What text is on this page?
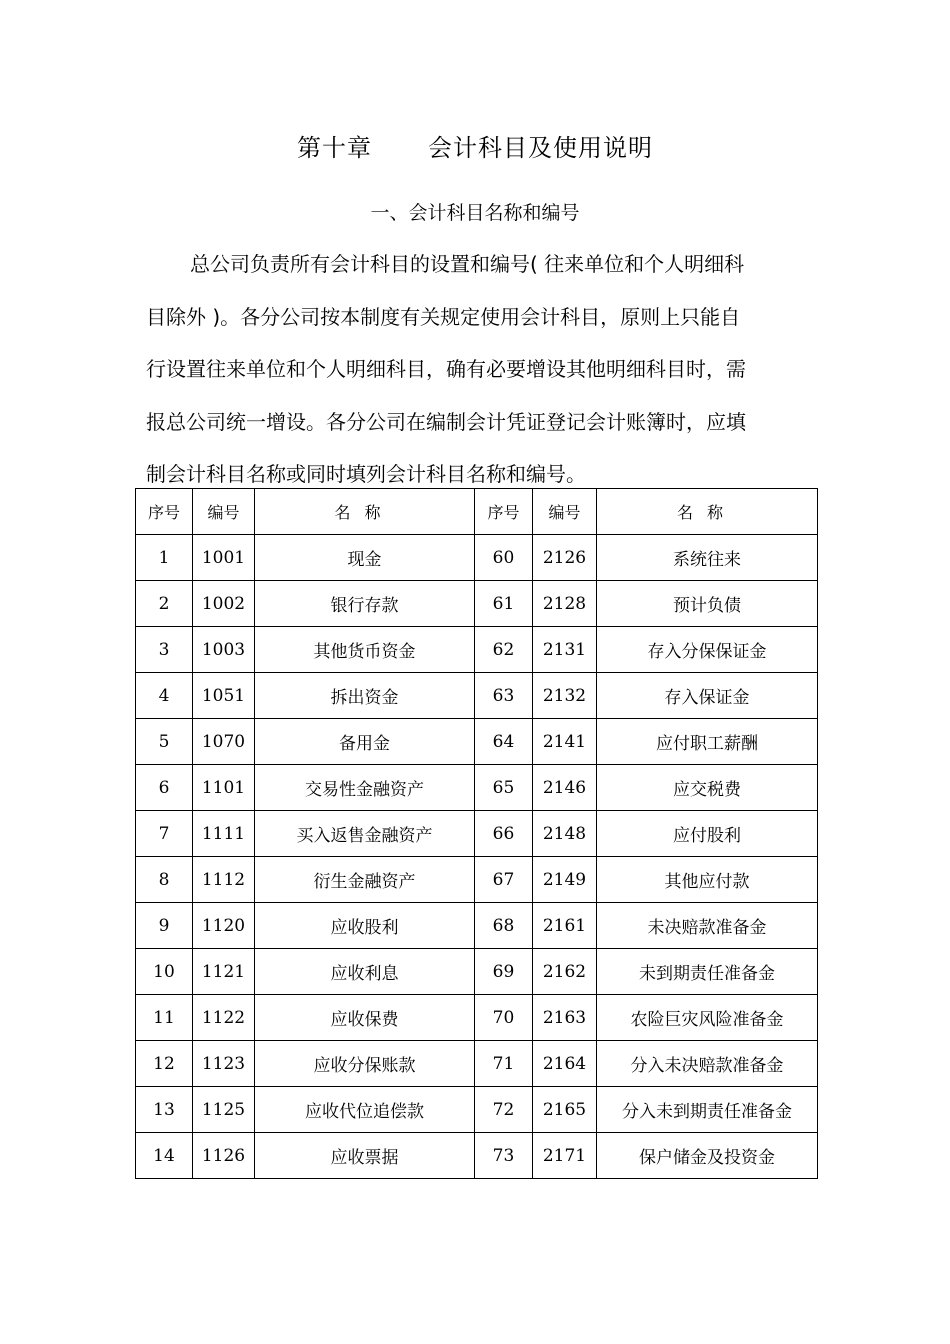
第十章 会计科目及使用说明
一、会计科目名称和编号

总公司负责所有会计科目的设置和编号( 往来单位和个人明细科
目除外 )。各分公司按本制度有关规定使用会计科目，原则上只能自
行设置往来单位和个人明细科目，确有必要增设其他明细科目时，需
报总公司统一增设。各分公司在编制会计凭证登记会计账簿时，应填
制会计科目名称或同时填列会计科目名称和编号。

序号	编号	名称	序号	编号	名称
1	1001	现金	60	2126	系统往来
2	1002	银行存款	61	2128	预计负债
3	1003	其他货币资金	62	2131	存入分保保证金
4	1051	拆出资金	63	2132	存入保证金
5	1070	备用金	64	2141	应付职工薪酬
6	1101	交易性金融资产	65	2146	应交税费
7	1111	买入返售金融资产	66	2148	应付股利
8	1112	衍生金融资产	67	2149	其他应付款
9	1120	应收股利	68	2161	未决赔款准备金
10	1121	应收利息	69	2162	未到期责任准备金
11	1122	应收保费	70	2163	农险巨灾风险准备金
12	1123	应收分保账款	71	2164	分入未决赔款准备金
13	1125	应收代位追偿款	72	2165	分入未到期责任准备金
14	1126	应收票据	73	2171	保户储金及投资金
